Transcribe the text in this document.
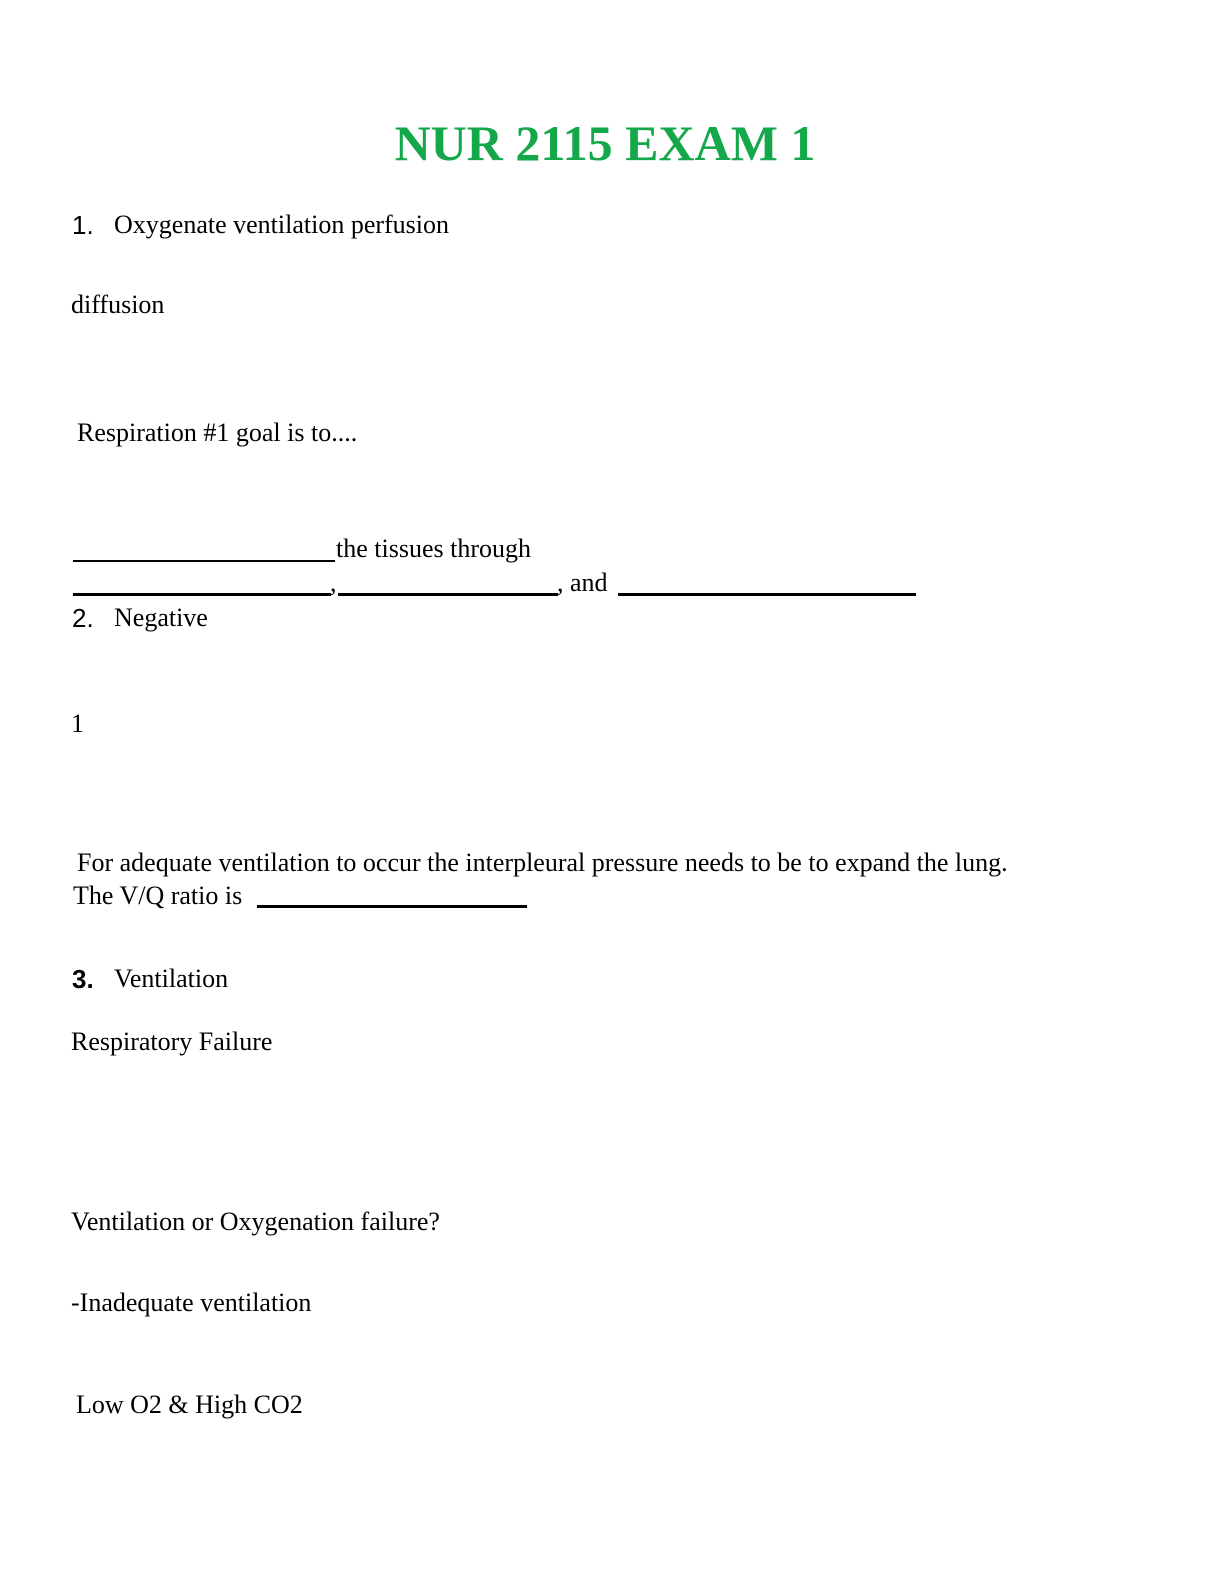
NUR 2115 EXAM 1
1. Oxygenate ventilation perfusion
diffusion
Respiration #1 goal is to....
the tissues through
,	, and
2. Negative
1
For adequate ventilation to occur the interpleural pressure needs to be to expand the lung.
The V/Q ratio is
3. Ventilation
Respiratory Failure
Ventilation or Oxygenation failure?
-Inadequate ventilation
Low O2 & High CO2
